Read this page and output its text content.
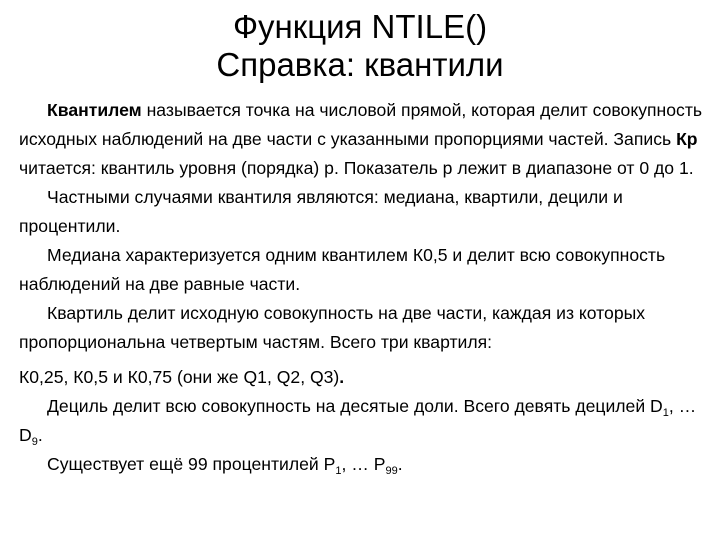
Функция NTILE()
Справка: квантили

Квантилем называется точка на числовой прямой, которая делит совокупность исходных наблюдений на две части с указанными пропорциями частей. Запись Кр читается: квантиль уровня (порядка) р. Показатель р лежит в диапазоне от 0 до 1.

Частными случаями квантиля являются: медиана, квартили, децили и процентили.

Медиана характеризуется одним квантилем К0,5 и делит всю совокупность наблюдений на две равные части.

Квартиль делит исходную совокупность на две части, каждая из которых пропорциональна четвертым частям. Всего три квартиля:

К0,25, К0,5 и К0,75 (они же Q1, Q2, Q3).

Дециль делит всю совокупность на десятые доли. Всего девять децилей $D_1$, … $D_9$.

Существует ещё 99 процентилей $P_1$, … $P_{99}$.
